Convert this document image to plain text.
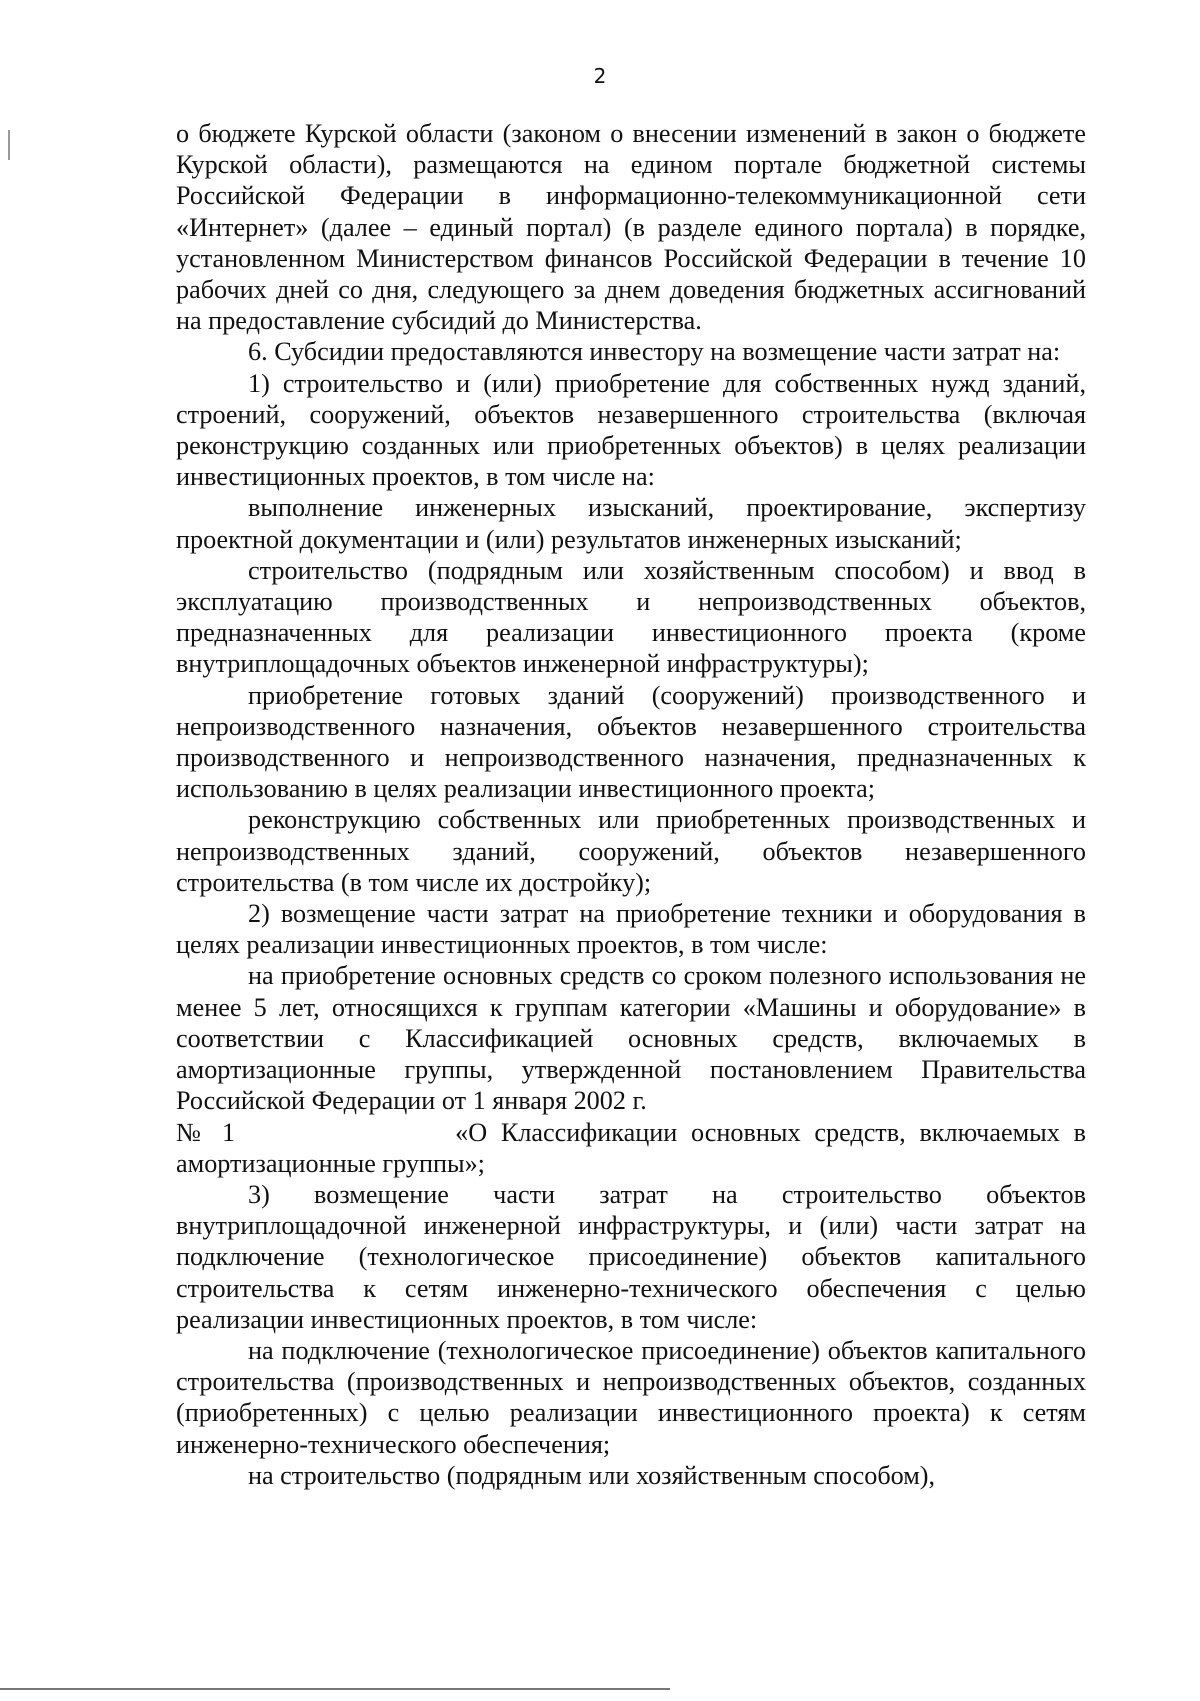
2

о бюджете Курской области (законом о внесении изменений в закон о бюджете Курской области), размещаются на едином портале бюджетной системы Российской Федерации в информационно-телекоммуникационной сети «Интернет» (далее – единый портал) (в разделе единого портала) в порядке, установленном Министерством финансов Российской Федерации в течение 10 рабочих дней со дня, следующего за днем доведения бюджетных ассигнований на предоставление субсидий до Министерства.

6. Субсидии предоставляются инвестору на возмещение части затрат на:

1) строительство и (или) приобретение для собственных нужд зданий, строений, сооружений, объектов незавершенного строительства (включая реконструкцию созданных или приобретенных объектов) в целях реализации инвестиционных проектов, в том числе на:

выполнение инженерных изысканий, проектирование, экспертизу проектной документации и (или) результатов инженерных изысканий;

строительство (подрядным или хозяйственным способом) и ввод в эксплуатацию производственных и непроизводственных объектов, предназначенных для реализации инвестиционного проекта (кроме внутриплощадочных объектов инженерной инфраструктуры);

приобретение готовых зданий (сооружений) производственного и непроизводственного назначения, объектов незавершенного строительства производственного и непроизводственного назначения, предназначенных к использованию в целях реализации инвестиционного проекта;

реконструкцию собственных или приобретенных производственных и непроизводственных зданий, сооружений, объектов незавершенного строительства (в том числе их достройку);

2) возмещение части затрат на приобретение техники и оборудования в целях реализации инвестиционных проектов, в том числе:

на приобретение основных средств со сроком полезного использования не менее 5 лет, относящихся к группам категории «Машины и оборудование» в соответствии с Классификацией основных средств, включаемых в амортизационные группы, утвержденной постановлением Правительства Российской Федерации от 1 января 2002 г.

№ 1	«О Классификации основных средств, включаемых в амортизационные группы»;

3) возмещение части затрат на строительство объектов внутриплощадочной инженерной инфраструктуры, и (или) части затрат на подключение (технологическое присоединение) объектов капитального строительства к сетям инженерно-технического обеспечения с целью реализации инвестиционных проектов, в том числе:

на подключение (технологическое присоединение) объектов капитального строительства (производственных и непроизводственных объектов, созданных (приобретенных) с целью реализации инвестиционного проекта) к сетям инженерно-технического обеспечения;

на строительство (подрядным или хозяйственным способом),
